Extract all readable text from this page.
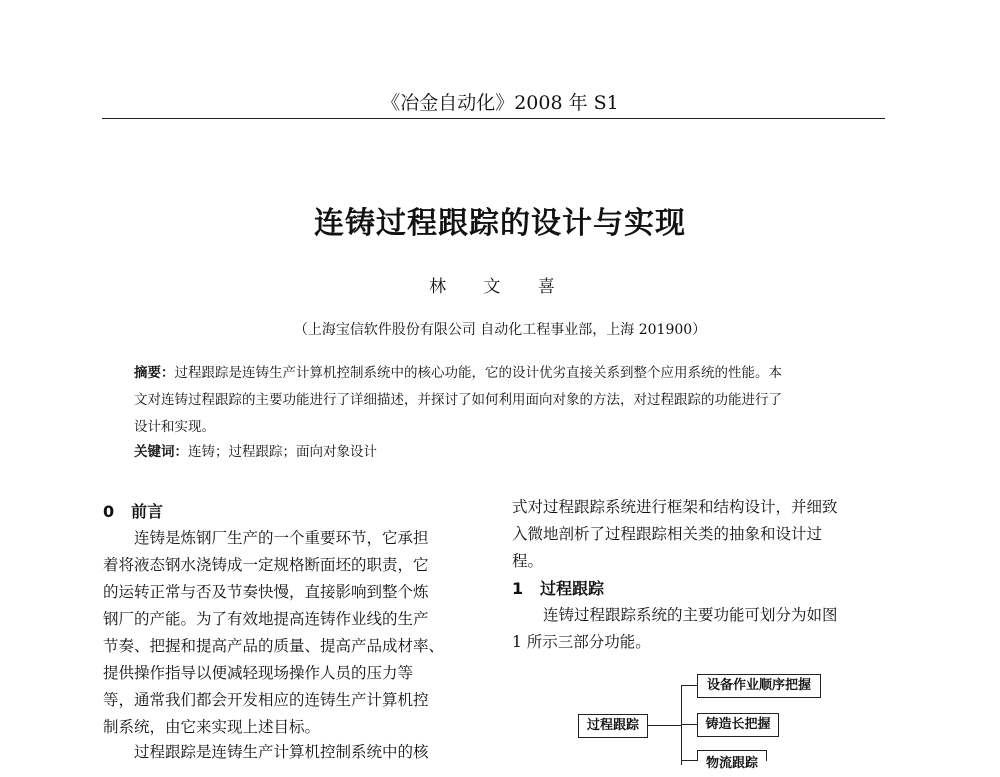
《冶金自动化》2008 年 S1
连铸过程跟踪的设计与实现
林 文 喜
（上海宝信软件股份有限公司 自动化工程事业部，上海 201900）
摘要：过程跟踪是连铸生产计算机控制系统中的核心功能，它的设计优劣直接关系到整个应用系统的性能。本
文对连铸过程跟踪的主要功能进行了详细描述，并探讨了如何利用面向对象的方法，对过程跟踪的功能进行了
设计和实现。
关键词：连铸；过程跟踪；面向对象设计

0 前言

连铸是炼钢厂生产的一个重要环节，它承担
着将液态钢水浇铸成一定规格断面坯的职责，它
的运转正常与否及节奏快慢，直接影响到整个炼
钢厂的产能。为了有效地提高连铸作业线的生产
节奏、把握和提高产品的质量、提高产品成材率、
提供操作指导以便减轻现场操作人员的压力等
等，通常我们都会开发相应的连铸生产计算机控
制系统，由它来实现上述目标。
过程跟踪是连铸生产计算机控制系统中的核
式对过程跟踪系统进行框架和结构设计，并细致
入微地剖析了过程跟踪相关类的抽象和设计过
程。

1 过程跟踪

连铸过程跟踪系统的主要功能可划分为如图
1 所示三部分功能。
过程跟踪
设备作业顺序把握
铸造长把握
物流跟踪
